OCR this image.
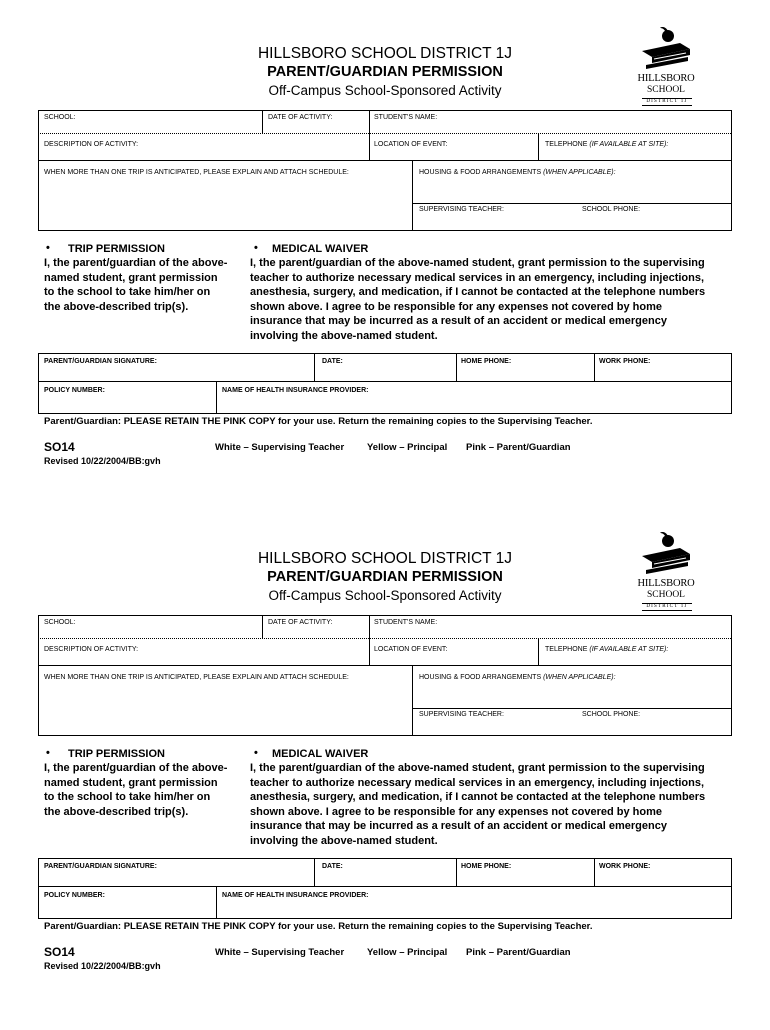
HILLSBORO SCHOOL DISTRICT 1J
PARENT/GUARDIAN PERMISSION
Off-Campus School-Sponsored Activity
HILLSBORO
SCHOOL
DISTRICT 1J
SCHOOL:	DATE OF ACTIVITY:	STUDENT'S NAME:
DESCRIPTION OF ACTIVITY:	LOCATION OF EVENT:	TELEPHONE (IF AVAILABLE AT SITE):
WHEN MORE THAN ONE TRIP IS ANTICIPATED, PLEASE EXPLAIN AND ATTACH SCHEDULE:	HOUSING & FOOD ARRANGEMENTS (WHEN APPLICABLE):
SUPERVISING TEACHER:	SCHOOL PHONE:
• TRIP PERMISSION
I, the parent/guardian of the above-
named student, grant permission
to the school to take him/her on
the above-described trip(s).
• MEDICAL WAIVER
I, the parent/guardian of the above-named student, grant permission to the supervising
teacher to authorize necessary medical services in an emergency, including injections,
anesthesia, surgery, and medication, if I cannot be contacted at the telephone numbers
shown above. I agree to be responsible for any expenses not covered by home
insurance that may be incurred as a result of an accident or medical emergency
involving the above-named student.
PARENT/GUARDIAN SIGNATURE:	DATE:	HOME PHONE:	WORK PHONE:
POLICY NUMBER:	NAME OF HEALTH INSURANCE PROVIDER:
Parent/Guardian: PLEASE RETAIN THE PINK COPY for your use. Return the remaining copies to the Supervising Teacher.
SO14
Revised 10/22/2004/BB:gvh
White – Supervising Teacher Yellow – Principal Pink – Parent/Guardian
HILLSBORO SCHOOL DISTRICT 1J
PARENT/GUARDIAN PERMISSION
Off-Campus School-Sponsored Activity
HILLSBORO
SCHOOL
DISTRICT 1J
SCHOOL:	DATE OF ACTIVITY:	STUDENT'S NAME:
DESCRIPTION OF ACTIVITY:	LOCATION OF EVENT:	TELEPHONE (IF AVAILABLE AT SITE):
WHEN MORE THAN ONE TRIP IS ANTICIPATED, PLEASE EXPLAIN AND ATTACH SCHEDULE:	HOUSING & FOOD ARRANGEMENTS (WHEN APPLICABLE):
SUPERVISING TEACHER:	SCHOOL PHONE:
• TRIP PERMISSION
I, the parent/guardian of the above-
named student, grant permission
to the school to take him/her on
the above-described trip(s).
• MEDICAL WAIVER
I, the parent/guardian of the above-named student, grant permission to the supervising
teacher to authorize necessary medical services in an emergency, including injections,
anesthesia, surgery, and medication, if I cannot be contacted at the telephone numbers
shown above. I agree to be responsible for any expenses not covered by home
insurance that may be incurred as a result of an accident or medical emergency
involving the above-named student.
PARENT/GUARDIAN SIGNATURE:	DATE:	HOME PHONE:	WORK PHONE:
POLICY NUMBER:	NAME OF HEALTH INSURANCE PROVIDER:
Parent/Guardian: PLEASE RETAIN THE PINK COPY for your use. Return the remaining copies to the Supervising Teacher.
SO14
Revised 10/22/2004/BB:gvh
White – Supervising Teacher Yellow – Principal Pink – Parent/Guardian
